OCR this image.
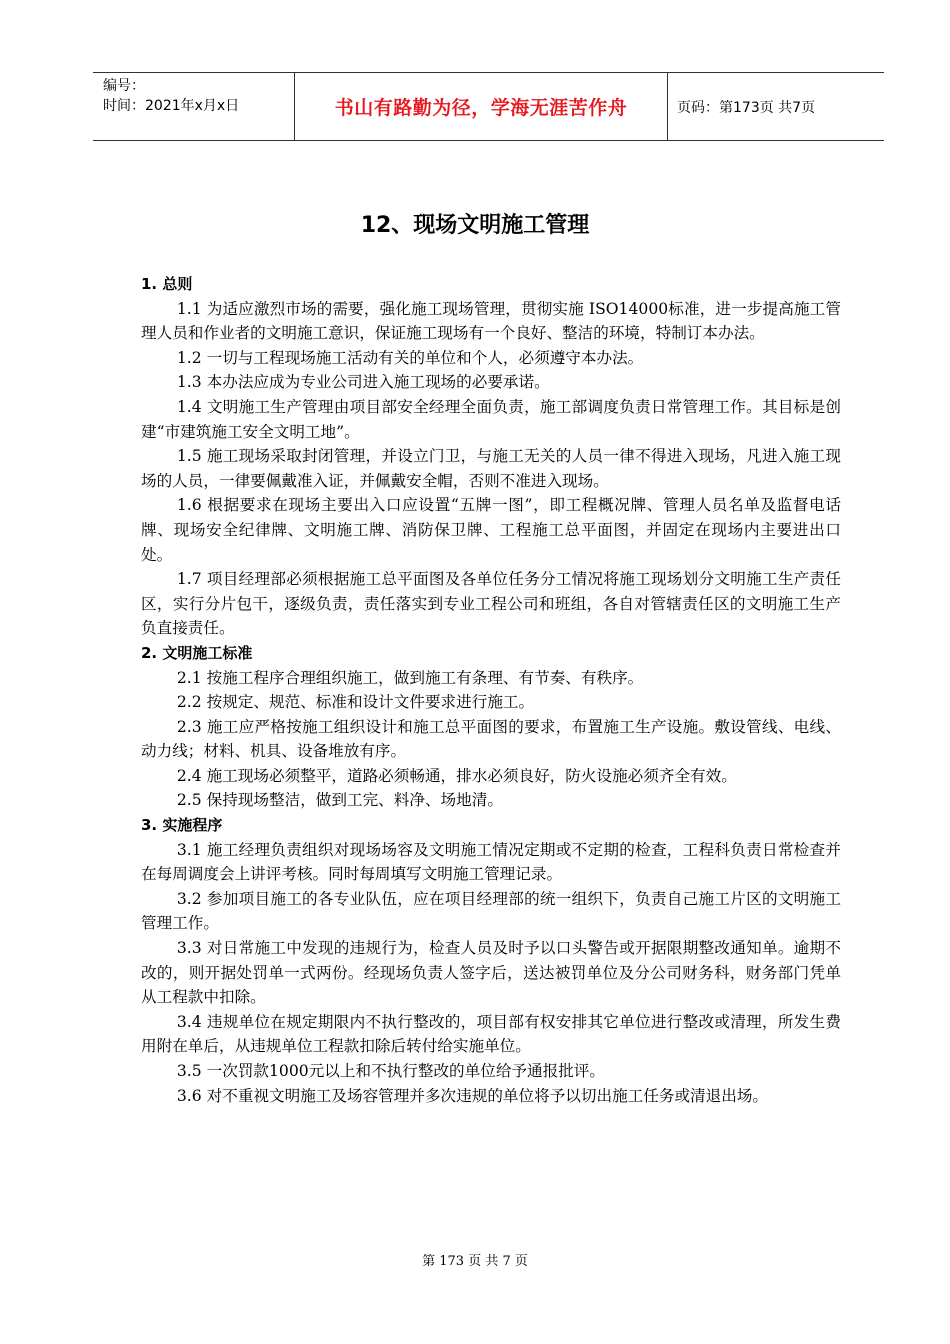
编号：
时间：2021年x月x日	书山有路勤为径，学海无涯苦作舟	页码：第173页 共7页
12、现场文明施工管理

1. 总则

1.1 为适应激烈市场的需要，强化施工现场管理，贯彻实施 ISO14000标准，进一步提高施工管理人员和作业者的文明施工意识，保证施工现场有一个良好、整洁的环境，特制订本办法。

1.2 一切与工程现场施工活动有关的单位和个人，必须遵守本办法。

1.3 本办法应成为专业公司进入施工现场的必要承诺。

1.4 文明施工生产管理由项目部安全经理全面负责，施工部调度负责日常管理工作。其目标是创建“市建筑施工安全文明工地”。

1.5 施工现场采取封闭管理，并设立门卫，与施工无关的人员一律不得进入现场，凡进入施工现场的人员，一律要佩戴准入证，并佩戴安全帽，否则不准进入现场。

1.6 根据要求在现场主要出入口应设置“五牌一图”，即工程概况牌、管理人员名单及监督电话牌、现场安全纪律牌、文明施工牌、消防保卫牌、工程施工总平面图，并固定在现场内主要进出口处。

1.7 项目经理部必须根据施工总平面图及各单位任务分工情况将施工现场划分文明施工生产责任区，实行分片包干，逐级负责，责任落实到专业工程公司和班组，各自对管辖责任区的文明施工生产负直接责任。

2. 文明施工标准

2.1 按施工程序合理组织施工，做到施工有条理、有节奏、有秩序。

2.2 按规定、规范、标准和设计文件要求进行施工。

2.3 施工应严格按施工组织设计和施工总平面图的要求，布置施工生产设施。敷设管线、电线、动力线；材料、机具、设备堆放有序。

2.4 施工现场必须整平，道路必须畅通，排水必须良好，防火设施必须齐全有效。

2.5 保持现场整洁，做到工完、料净、场地清。

3. 实施程序

3.1 施工经理负责组织对现场场容及文明施工情况定期或不定期的检查，工程科负责日常检查并在每周调度会上讲评考核。同时每周填写文明施工管理记录。

3.2 参加项目施工的各专业队伍，应在项目经理部的统一组织下，负责自己施工片区的文明施工管理工作。

3.3 对日常施工中发现的违规行为，检查人员及时予以口头警告或开据限期整改通知单。逾期不改的，则开据处罚单一式两份。经现场负责人签字后，送达被罚单位及分公司财务科，财务部门凭单从工程款中扣除。

3.4 违规单位在规定期限内不执行整改的，项目部有权安排其它单位进行整改或清理，所发生费用附在单后，从违规单位工程款扣除后转付给实施单位。

3.5 一次罚款1000元以上和不执行整改的单位给予通报批评。

3.6 对不重视文明施工及场容管理并多次违规的单位将予以切出施工任务或清退出场。

第 173 页 共 7 页
